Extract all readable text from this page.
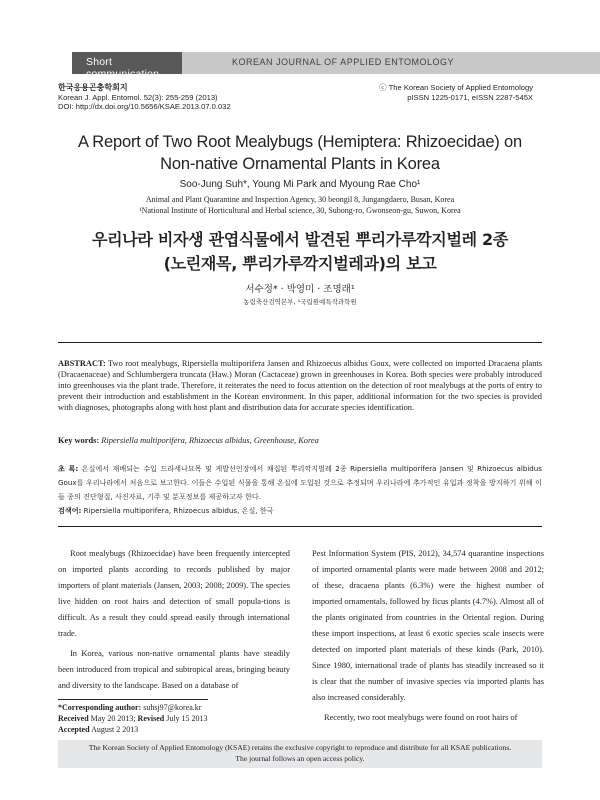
Short communication
KOREAN JOURNAL OF APPLIED ENTOMOLOGY
한국응용곤충학회지
Korean J. Appl. Entomol. 52(3): 255-259 (2013)
DOI: http://dx.doi.org/10.5656/KSAE.2013.07.0.032
ⓒ The Korean Society of Applied Entomology
pISSN 1225-0171, eISSN 2287-545X
A Report of Two Root Mealybugs (Hemiptera: Rhizoecidae) on
Non-native Ornamental Plants in Korea
Soo-Jung Suh*, Young Mi Park and Myoung Rae Cho¹
Animal and Plant Quarantine and Inspection Agency, 30 beongil 8, Jungangdaero, Busan, Korea
¹National Institute of Horticultural and Herbal science, 30, Subong-ro, Gwonseon-gu, Suwon, Korea
우리나라 비자생 관엽식물에서 발견된 뿌리가루깍지벌레 2종
(노린재목, 뿌리가루깍지벌레과)의 보고
서수정* · 박영미 · 조명래¹
농림축산검역본부, ¹국립원예특작과학원
ABSTRACT: Two root mealybugs, Ripersiella multiporifera Jansen and Rhizoecus albidus Goux, were collected on imported Dracaena plants (Dracaenaceae) and Schlumbergera truncata (Haw.) Moran (Cactaceae) grown in greenhouses in Korea. Both species were probably introduced into greenhouses via the plant trade. Therefore, it reiterates the need to focus attention on the detection of root mealybugs at the ports of entry to prevent their introduction and establishment in the Korean environment. In this paper, additional information for the two species is provided with diagnoses, photographs along with host plant and distribution data for accurate species identification.
Key words: Ripersiella multiporifera, Rhizoecus albidus, Greenhouse, Korea
초 록: 온실에서 재배되는 수입 드라세나묘목 및 게발선인장에서 채집된 뿌리깍지벌레 2종 Ripersiella multiporifera Jansen 및 Rhizoecus albidus Goux를 우리나라에서 처음으로 보고한다. 이들은 수입된 식물을 통해 온실에 도입된 것으로 추정되며 우리나라에 추가적인 유입과 정착을 방지하기 위해 이들 종의 진단형질, 사진자료, 기주 및 분포정보를 제공하고자 한다.
검색어: Ripersiella multiporifera, Rhizoecus albidus, 온실, 한국

Root mealybugs (Rhizoecidae) have been frequently intercepted on imported plants according to records published by major importers of plant materials (Jansen, 2003; 2008; 2009). The species live hidden on root hairs and detection of small popula-tions is difficult. As a result they could spread easily through international trade.

In Korea, various non-native ornamental plants have steadily been introduced from tropical and subtropical areas, bringing beauty and diversity to the landscape. Based on a database of

Pest Information System (PIS, 2012), 34,574 quarantine inspections of imported ornamental plants were made between 2008 and 2012; of these, dracaena plants (6.3%) were the highest number of imported ornamentals, followed by ficus plants (4.7%). Almost all of the plants originated from countries in the Oriental region. During these import inspections, at least 6 exotic species scale insects were detected on imported plant materials of these kinds (Park, 2010). Since 1980, international trade of plants has steadily increased so it is clear that the number of invasive species via imported plants has also increased considerably.

Recently, two root mealybugs were found on root hairs of

*Corresponding author: suhsj97@korea.kr
Received May 20 2013; Revised July 15 2013
Accepted August 2 2013
The Korean Society of Applied Entomology (KSAE) retains the exclusive copyright to reproduce and distribute for all KSAE publications.
The journal follows an open access policy.
